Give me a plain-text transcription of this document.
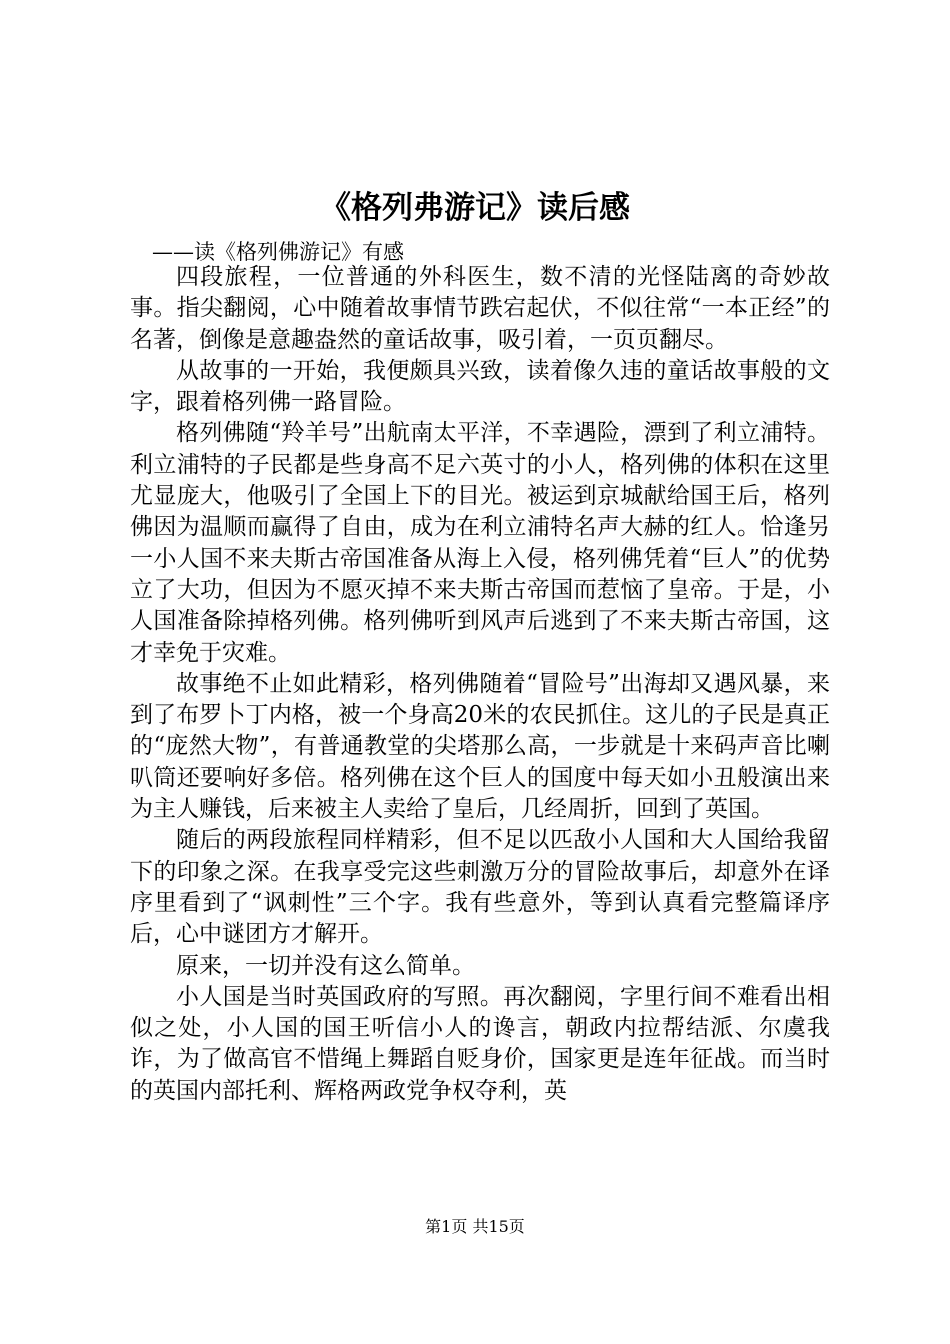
《格列弗游记》读后感
——读《格列佛游记》有感

四段旅程，一位普通的外科医生，数不清的光怪陆离的奇妙故事。指尖翻阅，心中随着故事情节跌宕起伏，不似往常“一本正经”的名著，倒像是意趣盎然的童话故事，吸引着，一页页翻尽。

从故事的一开始，我便颇具兴致，读着像久违的童话故事般的文字，跟着格列佛一路冒险。

格列佛随“羚羊号”出航南太平洋，不幸遇险，漂到了利立浦特。利立浦特的子民都是些身高不足六英寸的小人，格列佛的体积在这里尤显庞大，他吸引了全国上下的目光。被运到京城献给国王后，格列佛因为温顺而赢得了自由，成为在利立浦特名声大赫的红人。恰逢另一小人国不来夫斯古帝国准备从海上入侵，格列佛凭着“巨人”的优势立了大功，但因为不愿灭掉不来夫斯古帝国而惹恼了皇帝。于是，小人国准备除掉格列佛。格列佛听到风声后逃到了不来夫斯古帝国，这才幸免于灾难。

故事绝不止如此精彩，格列佛随着“冒险号”出海却又遇风暴，来到了布罗卜丁内格，被一个身高20米的农民抓住。这儿的子民是真正的“庞然大物”，有普通教堂的尖塔那么高，一步就是十来码声音比喇叭筒还要响好多倍。格列佛在这个巨人的国度中每天如小丑般演出来为主人赚钱，后来被主人卖给了皇后，几经周折，回到了英国。

随后的两段旅程同样精彩，但不足以匹敌小人国和大人国给我留下的印象之深。在我享受完这些刺激万分的冒险故事后，却意外在译序里看到了“讽刺性”三个字。我有些意外，等到认真看完整篇译序后，心中谜团方才解开。

原来，一切并没有这么简单。

小人国是当时英国政府的写照。再次翻阅，字里行间不难看出相似之处，小人国的国王听信小人的谗言，朝政内拉帮结派、尔虞我诈，为了做高官不惜绳上舞蹈自贬身价，国家更是连年征战。而当时的英国内部托利、辉格两政党争权夺利，英

第1页 共15页
